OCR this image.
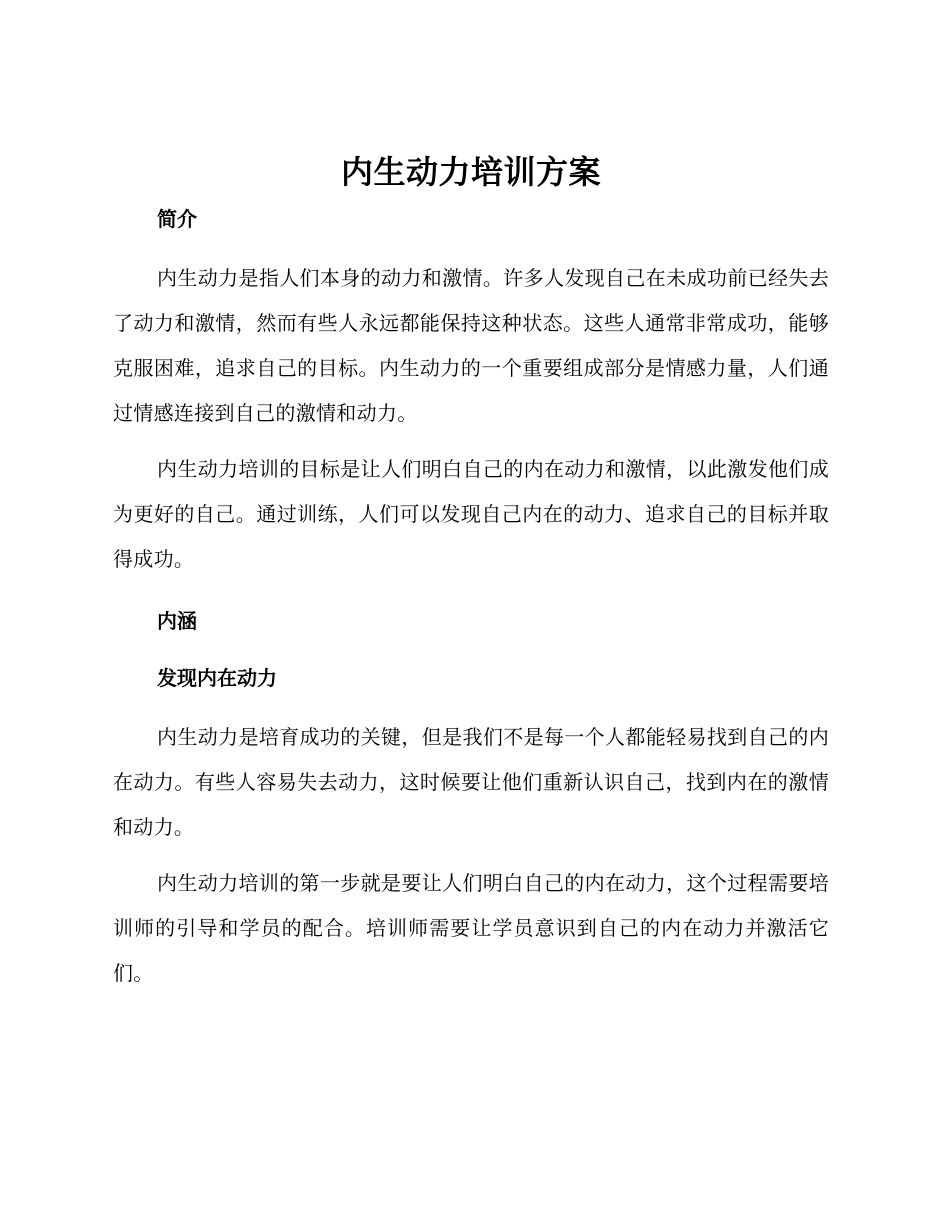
内生动力培训方案
简介

内生动力是指人们本身的动力和激情。许多人发现自己在未成功前已经失去了动力和激情，然而有些人永远都能保持这种状态。这些人通常非常成功，能够克服困难，追求自己的目标。内生动力的一个重要组成部分是情感力量，人们通过情感连接到自己的激情和动力。

内生动力培训的目标是让人们明白自己的内在动力和激情，以此激发他们成为更好的自己。通过训练，人们可以发现自己内在的动力、追求自己的目标并取得成功。

内涵
发现内在动力

内生动力是培育成功的关键，但是我们不是每一个人都能轻易找到自己的内在动力。有些人容易失去动力，这时候要让他们重新认识自己，找到内在的激情和动力。

内生动力培训的第一步就是要让人们明白自己的内在动力，这个过程需要培训师的引导和学员的配合。培训师需要让学员意识到自己的内在动力并激活它们。
